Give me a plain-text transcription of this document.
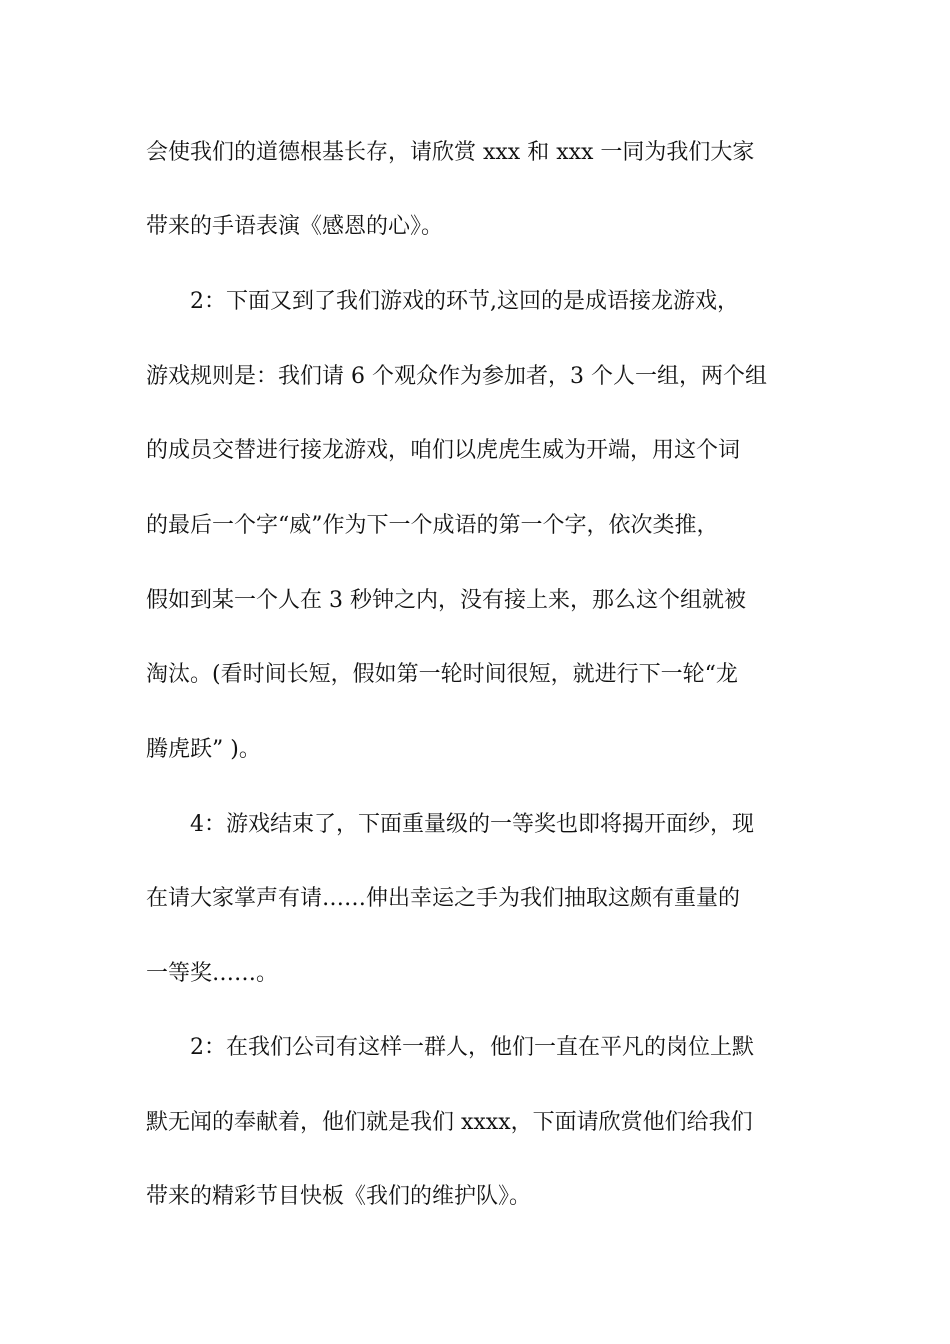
会使我们的道德根基长存，请欣赏 xxx 和 xxx 一同为我们大家

带来的手语表演《感恩的心》。

2：下面又到了我们游戏的环节,这回的是成语接龙游戏，

游戏规则是：我们请 6 个观众作为参加者，3 个人一组，两个组

的成员交替进行接龙游戏，咱们以虎虎生威为开端，用这个词

的最后一个字“威”作为下一个成语的第一个字，依次类推，

假如到某一个人在 3 秒钟之内，没有接上来，那么这个组就被

淘汰。(看时间长短，假如第一轮时间很短，就进行下一轮“龙

腾虎跃” )。

4：游戏结束了，下面重量级的一等奖也即将揭开面纱，现

在请大家掌声有请……伸出幸运之手为我们抽取这颇有重量的

一等奖……。

2：在我们公司有这样一群人，他们一直在平凡的岗位上默

默无闻的奉献着，他们就是我们 xxxx，下面请欣赏他们给我们

带来的精彩节目快板《我们的维护队》。
